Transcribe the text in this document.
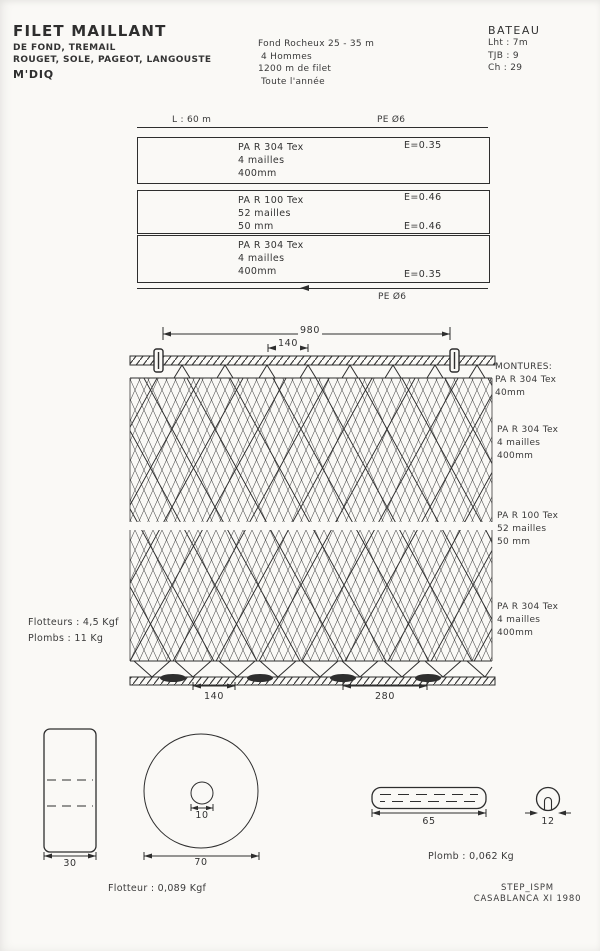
FILET MAILLANT
DE FOND, TREMAIL
ROUGET, SOLE, PAGEOT, LANGOUSTE
M'DIQ
Fond Rocheux 25 - 35 m
4 Hommes
1200 m de filet
Toute l'année
BATEAU
Lht : 7m
TJB : 9
Ch : 29
L : 60 m	PE Ø6
PA R 304 Tex
4 mailles
400mm
E=0.35
PA R 100 Tex
52 mailles
50 mm
E=0.46
E=0.46
PA R 304 Tex
4 mailles
400mm	E=0.35
PE Ø6
980
140
140	280
MONTURES:
PA R 304 Tex
40mm
PA R 304 Tex
4 mailles
400mm
PA R 100 Tex
52 mailles
50 mm
PA R 304 Tex
4 mailles
400mm
Flotteurs : 4,5 Kgf
Plombs : 11 Kg
30
10
70
65	12
Flotteur : 0,089 Kgf
Plomb : 0,062 Kg
STEP_ISPM
CASABLANCA XI 1980
